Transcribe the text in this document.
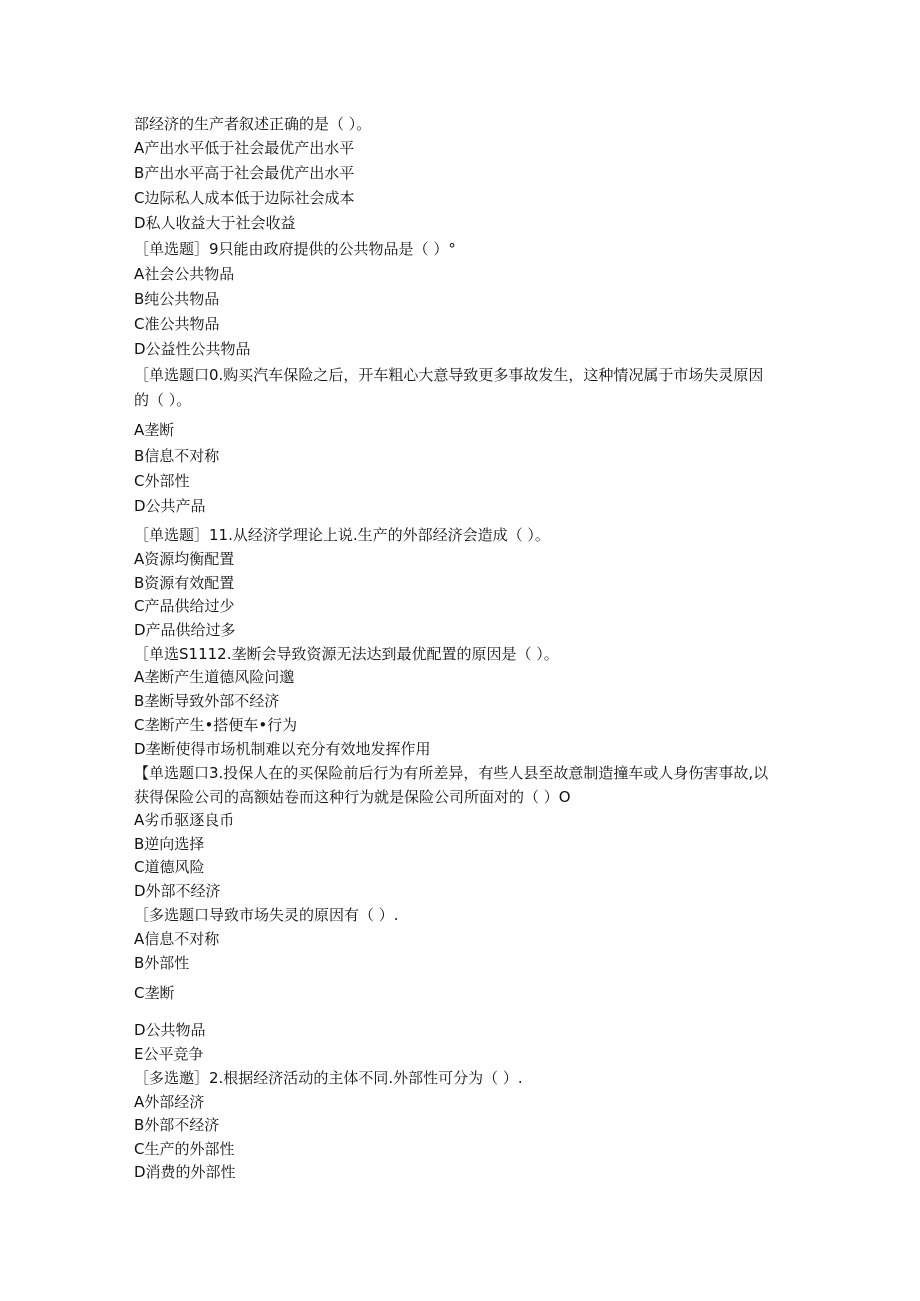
部经济的生产者叙述正确的是（ ）。
A产出水平低于社会最优产出水平
B产出水平高于社会最优产出水平
C边际私人成本低于边际社会成本
D私人收益大于社会收益
［单选题］9只能由政府提供的公共物品是（ ）°
A社会公共物品
B纯公共物品
C准公共物品
D公益性公共物品
［单选题口0.购买汽车保险之后，开车粗心大意导致更多事故发生，这种情况属于市场失灵原因
的（ ）。
A垄断
B信息不对称
C外部性
D公共产品
［单选题］11.从经济学理论上说.生产的外部经济会造成（ ）。
A资源均衡配置
B资源有效配置
C产品供给过少
D产品供给过多
［单选S1112.垄断会导致资源无法达到最优配置的原因是（ ）。
A垄断产生道德风险问邈
B垄断导致外部不经济
C垄断产生•搭便车•行为
D垄断使得市场机制难以充分有效地发挥作用
【单选题口3.投保人在的买保险前后行为有所差异，有些人县至故意制造撞车或人身伤害事故,以
获得保险公司的高额姑卷而这种行为就是保险公司所面对的（ ）O
A劣币驱逐良币
B逆向选择
C道德风险
D外部不经济
［多选题口导致市场失灵的原因有（ ）.
A信息不对称
B外部性
C垄断
D公共物品
E公平竞争
［多选邀］2.根据经济活动的主体不同.外部性可分为（ ）.
A外部经济
B外部不经济
C生产的外部性
D消费的外部性
